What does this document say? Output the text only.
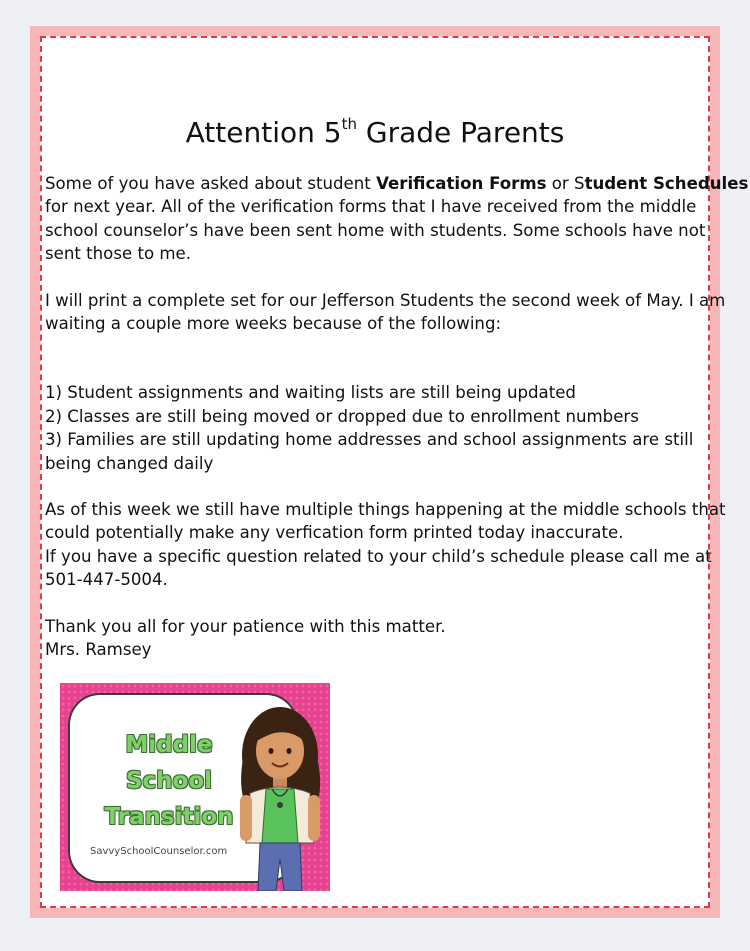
Attention 5th Grade Parents

Some of you have asked about student Verification Forms or Student Schedules

for next year. All of the verification forms that I have received from the middle

school counselor’s have been sent home with students. Some schools have not

sent those to me.

I will print a complete set for our Jefferson Students the second week of May. I am

waiting a couple more weeks because of the following:

1) Student assignments and waiting lists are still being updated

2) Classes are still being moved or dropped due to enrollment numbers

3) Families are still updating home addresses and school assignments are still

being changed daily

As of this week we still have multiple things happening at the middle schools that

could potentially make any verfication form printed today inaccurate.

If you have a specific question related to your child’s schedule please call me at

501-447-5004.

Thank you all for your patience with this matter.

Mrs. Ramsey

Middle
School
Transition
SavvySchoolCounselor.com
